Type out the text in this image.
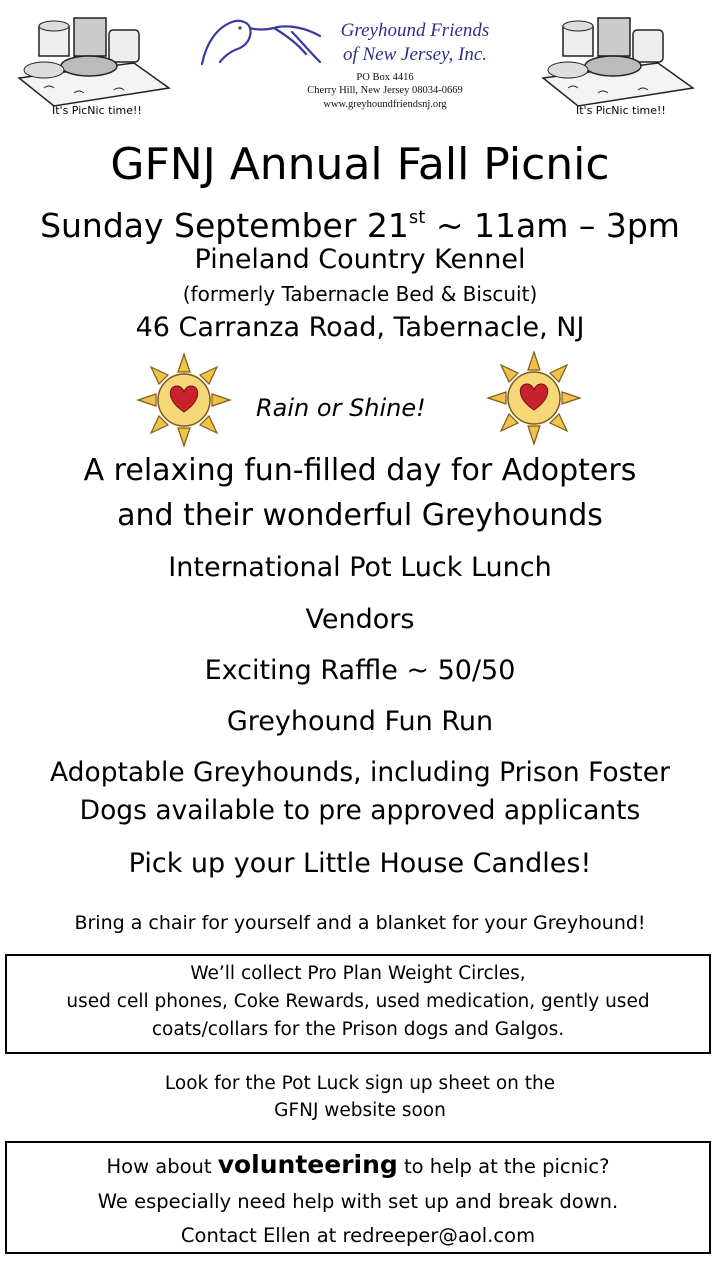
It's PicNic time!!	It's PicNic time!!
Greyhound Friends
of New Jersey, Inc.
PO Box 4416
Cherry Hill, New Jersey 08034-0669
www.greyhoundfriendsnj.org
GFNJ Annual Fall Picnic
Sunday September 21st ~ 11am – 3pm
Pineland Country Kennel
(formerly Tabernacle Bed & Biscuit)
46 Carranza Road, Tabernacle, NJ
Rain or Shine!
A relaxing fun-filled day for Adopters
and their wonderful Greyhounds
International Pot Luck Lunch
Vendors
Exciting Raffle ~ 50/50
Greyhound Fun Run
Adoptable Greyhounds, including Prison Foster
Dogs available to pre approved applicants
Pick up your Little House Candles!
Bring a chair for yourself and a blanket for your Greyhound!
We’ll collect Pro Plan Weight Circles,
used cell phones, Coke Rewards, used medication, gently used
coats/collars for the Prison dogs and Galgos.
Look for the Pot Luck sign up sheet on the
GFNJ website soon
How about volunteering to help at the picnic?
We especially need help with set up and break down.
Contact Ellen at redreeper@aol.com
